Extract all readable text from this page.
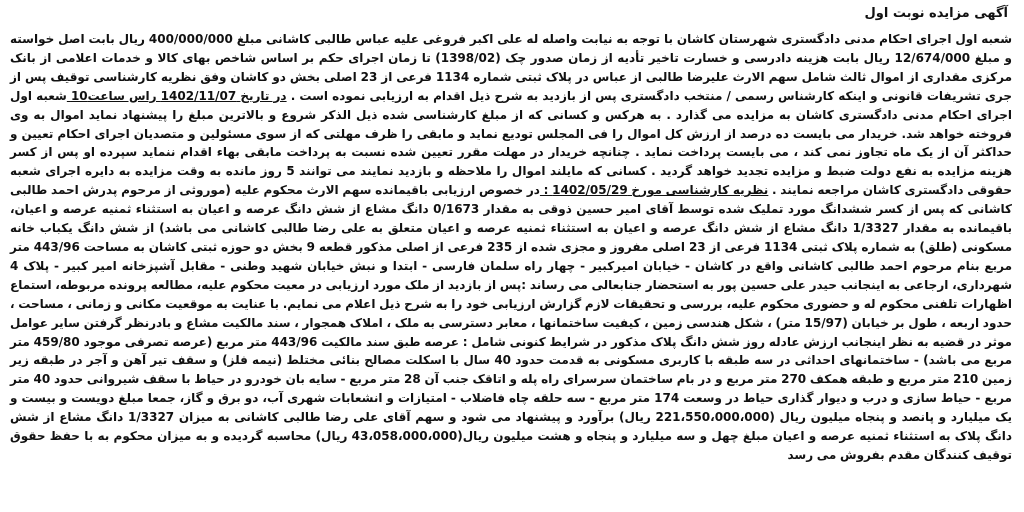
آگهی مزایده نوبت اول

شعبه اول اجرای احکام مدنی دادگستری شهرستان کاشان با توجه به نیابت واصله له علی اکبر فروغی علیه عباس طالبی کاشانی مبلغ 400/000/000 ریال بابت اصل خواسته و مبلغ 12/674/000 ریال بابت هزینه دادرسی و خسارت تاخیر تأدیه از زمان صدور چک (1398/02) تا زمان اجرای حکم بر اساس شاخص بهای کالا و خدمات اعلامی از بانک مرکزی مقداری از اموال ثالث شامل سهم الارث علیرضا طالبی از عباس در پلاک ثبتی شماره 1134 فرعی از 23 اصلی بخش دو کاشان وفق نظریه کارشناسی توقیف پس از جری تشریفات قانونی و اینکه کارشناس رسمی / منتخب دادگستری پس از بازدید به شرح ذیل اقدام به ارزیابی نموده است .

در تاریخ 1402/11/07 راس ساعت10

شعبه اول اجرای احکام مدنی دادگستری کاشان به مزایده می گذارد . به هرکس و کسانی که از مبلغ کارشناسی شده ذیل الذکر شروع و بالاترین مبلغ را پیشنهاد نماید اموال به وی فروخته خواهد شد. خریدار می بایست ده درصد از ارزش کل اموال را فی المجلس تودیع نماید و مابقی را ظرف مهلتی که از سوی مسئولین و متصدیان اجرای احکام تعیین و حداکثر آن از یک ماه تجاوز نمی کند ، می بایست پرداخت نماید . چنانچه خریدار در مهلت مقرر تعیین شده نسبت به پرداخت مابقی بهاء اقدام ننماید سپرده او پس از کسر هزینه مزایده به نفع دولت ضبط و مزایده تجدید خواهد گردید . کسانی که مایلند اموال را ملاحظه و بازدید نمایند می توانند 5 روز مانده به وقت مزایده به دایره اجرای شعبه حقوقی دادگستری کاشان مراجعه نمایند .

نظریه کارشناسی مورخ 1402/05/29 :

در خصوص ارزیابی باقیمانده سهم الارث محکوم علیه (موروثی از مرحوم پدرش احمد طالبی کاشانی که پس از کسر ششدانگ مورد تملیک شده توسط آقای امیر حسین ذوقی به مقدار 0/1673 دانگ مشاع از شش دانگ عرصه و اعیان به استثناء ثمنیه عرصه و اعیان، باقیمانده به مقدار 1/3327 دانگ مشاع از شش دانگ عرصه و اعیان به استثناء ثمنیه عرصه و اعیان متعلق به علی رضا طالبی کاشانی می باشد) از شش دانگ یکباب خانه مسکونی (طلق) به شماره پلاک ثبتی 1134 فرعی از 23 اصلی مفروز و مجزی شده از 235 فرعی از اصلی مذکور قطعه 9 بخش دو حوزه ثبتی کاشان به مساحت 443/96 متر مربع بنام مرحوم احمد طالبی کاشانی واقع در کاشان - خیابان امیرکبیر - چهار راه سلمان فارسی - ابتدا و نبش خیابان شهید وطنی - مقابل آشپزخانه امیر کبیر - پلاک 4 شهرداری، ارجاعی به اینجانب حیدر علی حسین پور به استحضار جنابعالی می رساند :پس از بازدید از ملک مورد ارزیابی در معیت محکوم علیه، مطالعه پرونده مربوطه، استماع اظهارات تلفنی محکوم له و حضوری محکوم علیه، بررسی و تحقیقات لازم گزارش ارزیابی خود را به شرح ذیل اعلام می نمایم. با عنایت به موقعیت مکانی و زمانی ، مساحت ، حدود اربعه ، طول بر خیابان (15/97 متر) ، شکل هندسی زمین ، کیفیت ساختمانها ، معابر دسترسی به ملک ، املاک همجوار ، سند مالکیت مشاع و بادرنظر گرفتن سایر عوامل موثر در قضیه به نظر اینجانب ارزش عادله روز شش دانگ پلاک مذکور در شرایط کنونی شامل : عرصه طبق سند مالکیت 443/96 متر مربع (عرصه تصرفی موجود 459/80 متر مربع می باشد) - ساختمانهای احداثی در سه طبقه با کاربری مسکونی به قدمت حدود 40 سال با اسکلت مصالح بنائی مختلط (نیمه فلز) و سقف تیر آهن و آجر در طبقه زیر زمین 210 متر مربع و طبقه همکف 270 متر مربع و در بام ساختمان سرسرای راه پله و اتاقک جنب آن 28 متر مربع - سایه بان خودرو در حیاط با سقف شیروانی حدود 40 متر مربع - حیاط سازی و درب و دیوار گذاری حیاط در وسعت 174 متر مربع - سه حلقه چاه فاضلاب - امتیازات و انشعابات شهری آب، دو برق و گاز، جمعا مبلغ دویست و بیست و یک میلیارد و پانصد و پنجاه میلیون ریال (221،550،000،000 ریال) برآورد و پیشنهاد می شود و سهم آقای علی رضا طالبی کاشانی به میزان 1/3327 دانگ مشاع از شش دانگ پلاک به استثناء ثمنیه عرصه و اعیان مبلغ چهل و سه میلیارد و پنجاه و هشت میلیون ریال(43،058،000،000 ریال) محاسبه گردیده و به میزان محکوم به با حفظ حقوق توقیف کنندگان مقدم بفروش می رسد
